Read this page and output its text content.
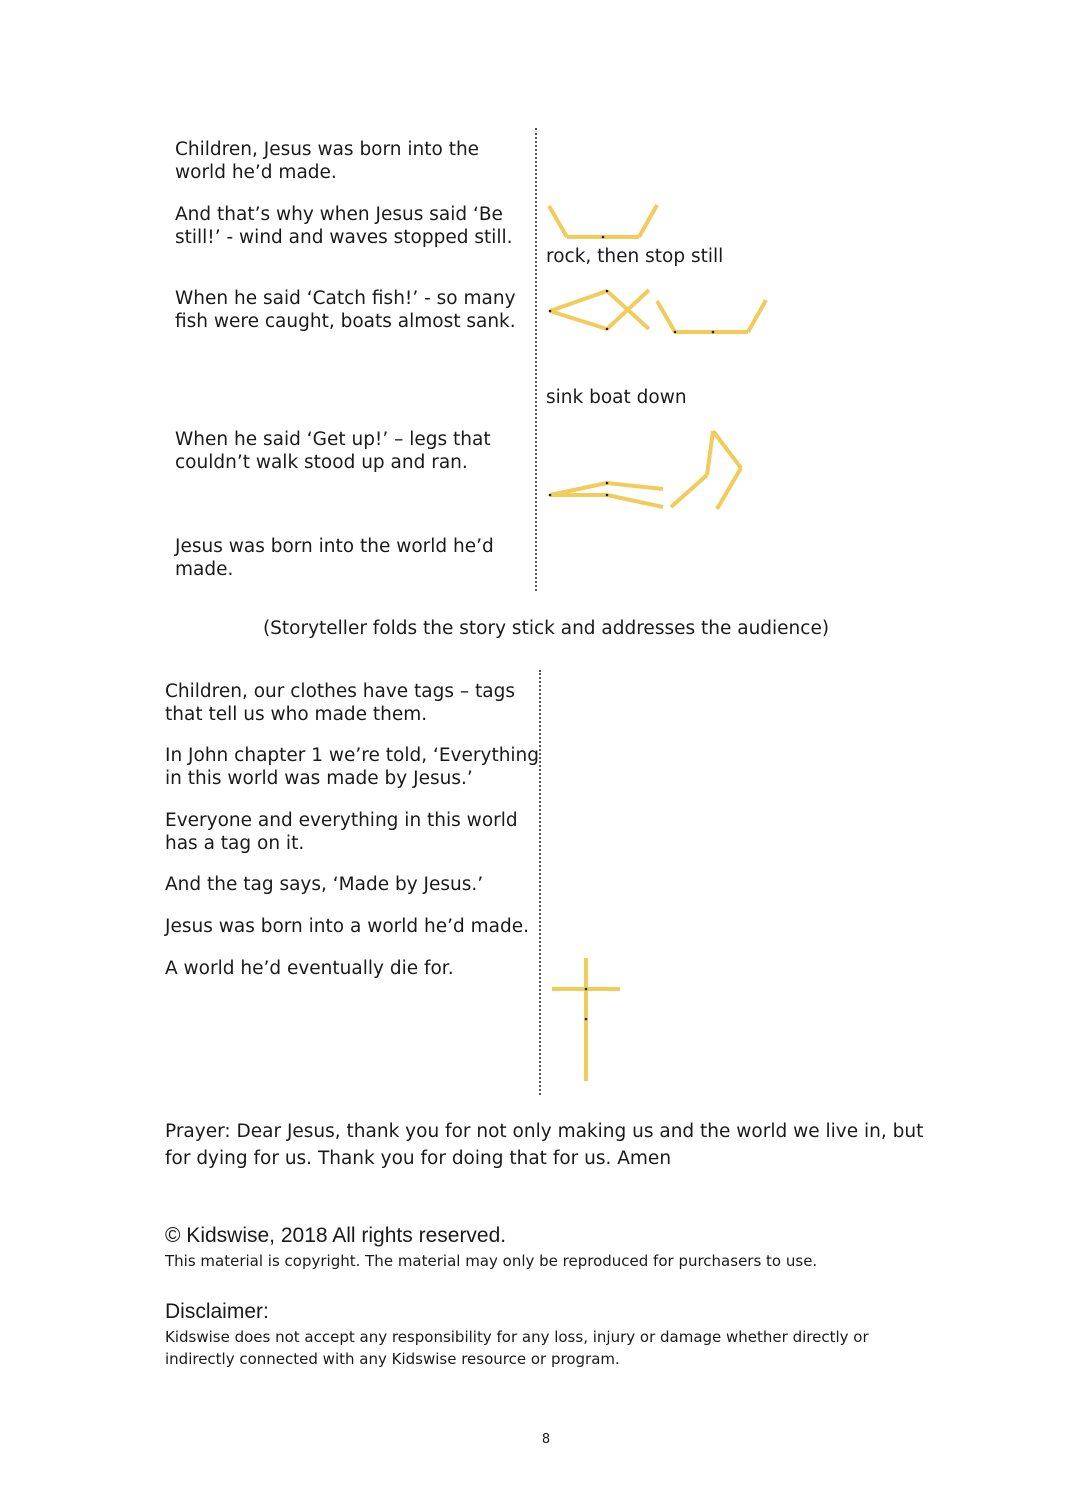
Children, Jesus was born into the
world he’d made.
And that’s why when Jesus said ‘Be
still!’ - wind and waves stopped still.
When he said ‘Catch fish!’ - so many
fish were caught, boats almost sank.
When he said ‘Get up!’ – legs that
couldn’t walk stood up and ran.
Jesus was born into the world he’d
made.
rock, then stop still
sink boat down
(Storyteller folds the story stick and addresses the audience)
Children, our clothes have tags – tags
that tell us who made them.
In John chapter 1 we’re told, ‘Everything
in this world was made by Jesus.’
Everyone and everything in this world
has a tag on it.
And the tag says, ‘Made by Jesus.’
Jesus was born into a world he’d made.
A world he’d eventually die for.
Prayer: Dear Jesus, thank you for not only making us and the world we live in, but
for dying for us. Thank you for doing that for us. Amen
© Kidswise, 2018 All rights reserved.
This material is copyright. The material may only be reproduced for purchasers to use.
Disclaimer:
Kidswise does not accept any responsibility for any loss, injury or damage whether directly or
indirectly connected with any Kidswise resource or program.
8
